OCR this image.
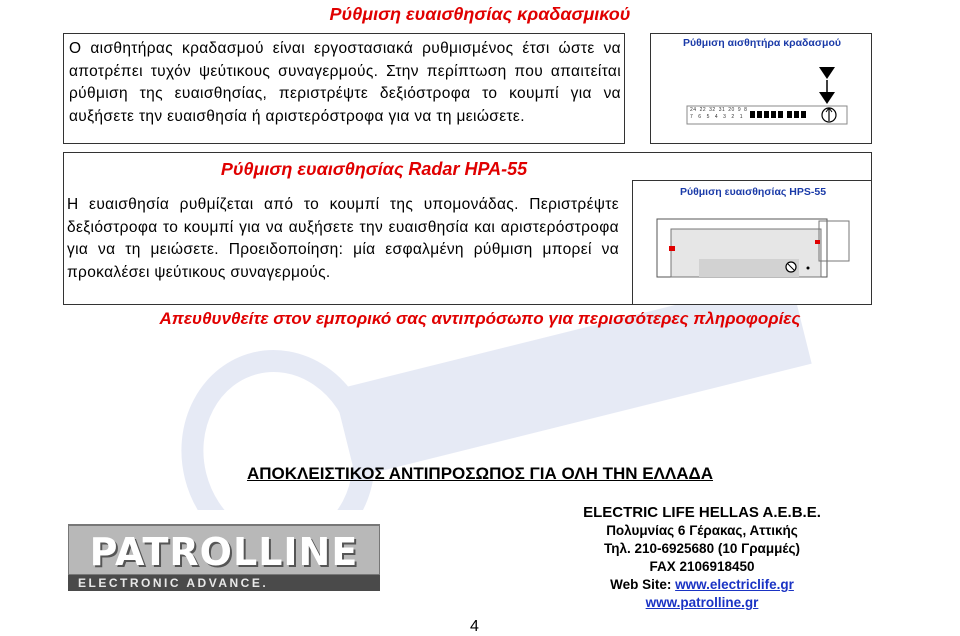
Ρύθμιση ευαισθησίας κραδασμικού
Ο αισθητήρας κραδασμού είναι εργοστασιακά ρυθμισμένος έτσι ώστε να αποτρέπει τυχόν ψεύτικους συναγερμούς. Στην περίπτωση που απαιτείται ρύθμιση της ευαισθησίας, περιστρέψτε δεξιόστροφα το κουμπί για να αυξήσετε την ευαισθησία ή αριστερόστροφα για να τη μειώσετε.
Ρύθμιση αισθητήρα κραδασμού
24 22 32 31 20 9 8
7 6 5 4 3 2 1
Ρύθμιση ευαισθησίας Radar HPA-55
Η ευαισθησία ρυθμίζεται από το κουμπί της υπομονάδας. Περιστρέψτε δεξιόστροφα το κουμπί για να αυξήσετε την ευαισθησία και αριστερόστροφα για να τη μειώσετε. Προειδοποίηση: μία εσφαλμένη ρύθμιση μπορεί να προκαλέσει ψεύτικους συναγερμούς.
Ρύθμιση ευαισθησίας HPS-55
Απευθυνθείτε στον εμπορικό σας αντιπρόσωπο για περισσότερες πληροφορίες
ΑΠΟΚΛΕΙΣΤΙΚΟΣ ΑΝΤΙΠΡΟΣΩΠΟΣ ΓΙΑ ΟΛΗ ΤΗΝ ΕΛΛΑΔΑ
PATROLLINE
ELECTRONIC ADVANCE.
ELECTRIC LIFE HELLAS A.E.B.E.
Πολυμνίας 6 Γέρακας, Αττικής
Τηλ. 210-6925680 (10 Γραμμές)
FAX 2106918450
Web Site: www.electriclife.gr
www.patrolline.gr
4
